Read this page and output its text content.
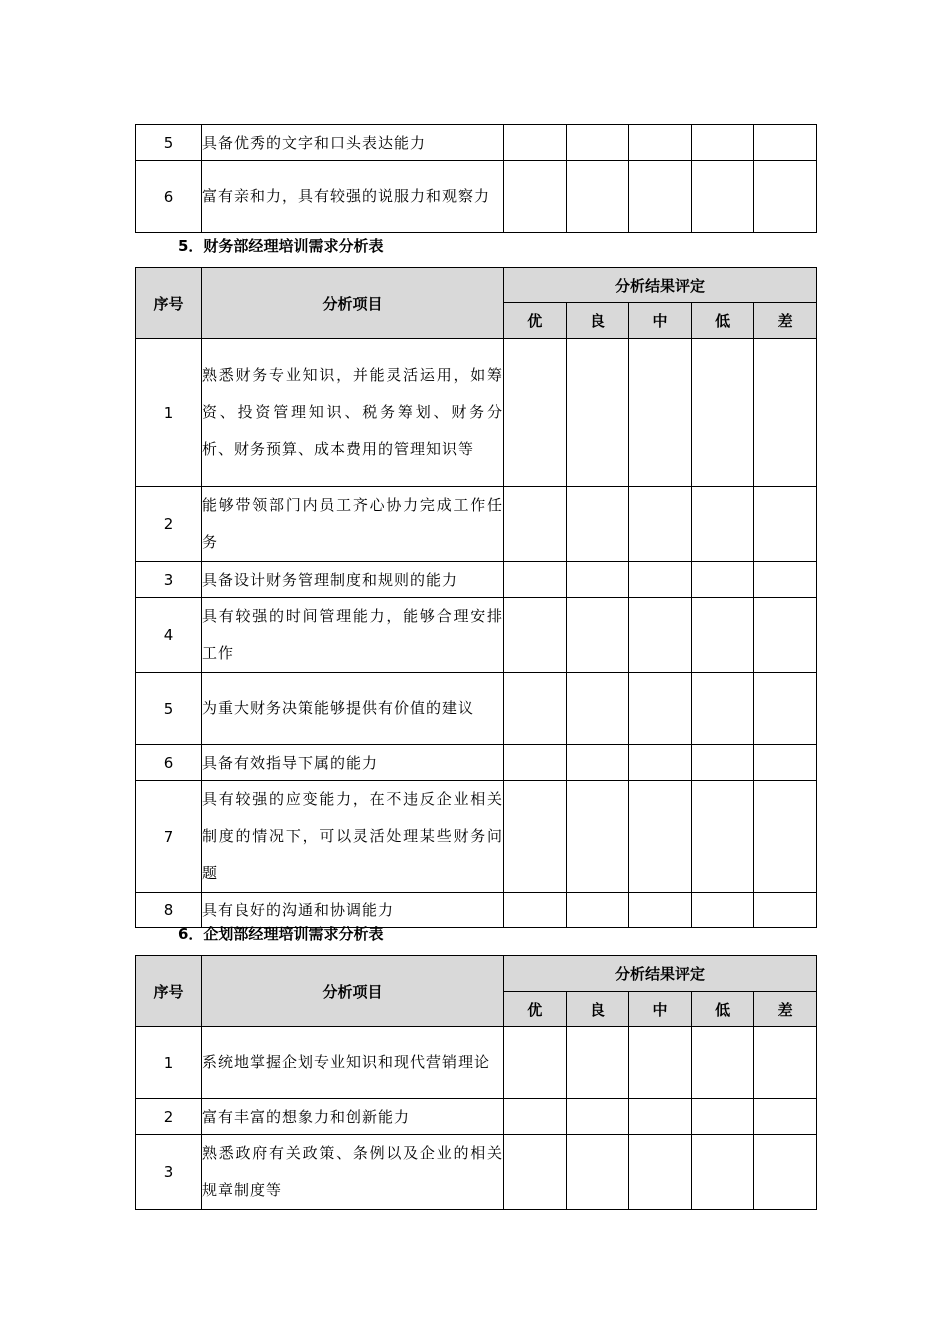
5	具备优秀的文字和口头表达能力					
6	富有亲和力，具有较强的说服力和观察力					
5．财务部经理培训需求分析表
序号	分析项目	分析结果评定				
		优	良	中	低	差
1	熟悉财务专业知识，并能灵活运用，如筹资、投资管理知识、税务筹划、财务分析、财务预算、成本费用的管理知识等					
2	能够带领部门内员工齐心协力完成工作任务					
3	具备设计财务管理制度和规则的能力					
4	具有较强的时间管理能力，能够合理安排工作					
5	为重大财务决策能够提供有价值的建议					
6	具备有效指导下属的能力					
7	具有较强的应变能力，在不违反企业相关制度的情况下，可以灵活处理某些财务问题					
8	具有良好的沟通和协调能力					
6．企划部经理培训需求分析表
序号	分析项目	分析结果评定				
		优	良	中	低	差
1	系统地掌握企划专业知识和现代营销理论					
2	富有丰富的想象力和创新能力					
3	熟悉政府有关政策、条例以及企业的相关规章制度等					
